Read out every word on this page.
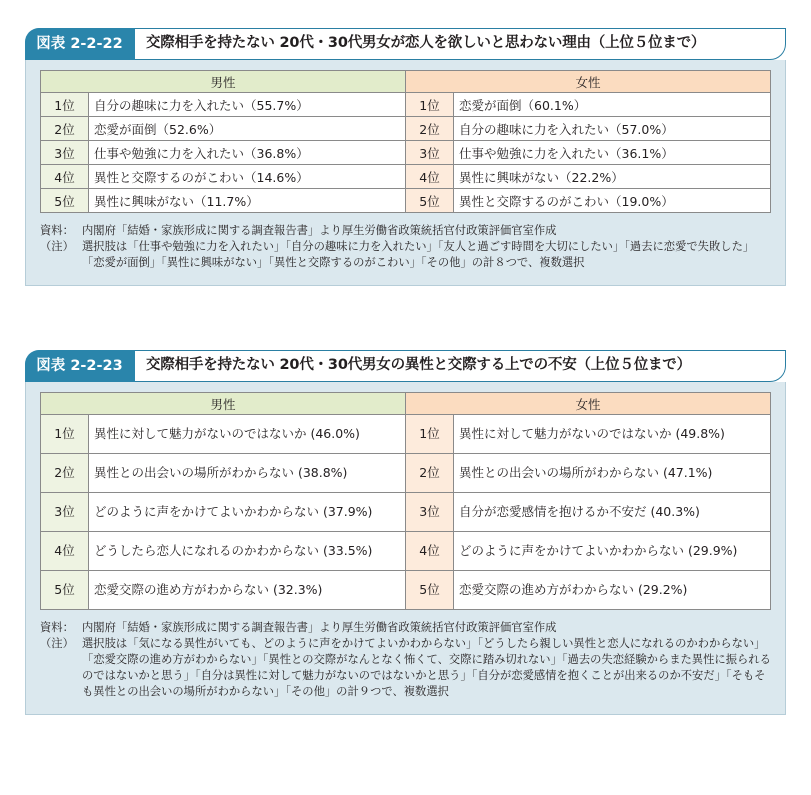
図表 2-2-22	交際相手を持たない 20代・30代男女が恋人を欲しいと思わない理由（上位５位まで）
男性		女性	
1位	自分の趣味に力を入れたい（55.7%）	1位	恋愛が面倒（60.1%）
2位	恋愛が面倒（52.6%）	2位	自分の趣味に力を入れたい（57.0%）
3位	仕事や勉強に力を入れたい（36.8%）	3位	仕事や勉強に力を入れたい（36.1%）
4位	異性と交際するのがこわい（14.6%）	4位	異性に興味がない（22.2%）
5位	異性に興味がない（11.7%）	5位	異性と交際するのがこわい（19.0%）
資料： 内閣府「結婚・家族形成に関する調査報告書」より厚生労働省政策統括官付政策評価官室作成
（注） 選択肢は「仕事や勉強に力を入れたい」「自分の趣味に力を入れたい」「友人と過ごす時間を大切にしたい」「過去に恋愛で失敗した」「恋愛が面倒」「異性に興味がない」「異性と交際するのがこわい」「その他」の計８つで、複数選択
図表 2-2-23	交際相手を持たない 20代・30代男女の異性と交際する上での不安（上位５位まで）
男性		女性	
1位	異性に対して魅力がないのではないか (46.0%)	1位	異性に対して魅力がないのではないか (49.8%)
2位	異性との出会いの場所がわからない (38.8%)	2位	異性との出会いの場所がわからない (47.1%)
3位	どのように声をかけてよいかわからない (37.9%)	3位	自分が恋愛感情を抱けるか不安だ (40.3%)
4位	どうしたら恋人になれるのかわからない (33.5%)	4位	どのように声をかけてよいかわからない (29.9%)
5位	恋愛交際の進め方がわからない (32.3%)	5位	恋愛交際の進め方がわからない (29.2%)
資料： 内閣府「結婚・家族形成に関する調査報告書」より厚生労働省政策統括官付政策評価官室作成
（注） 選択肢は「気になる異性がいても、どのように声をかけてよいかわからない」「どうしたら親しい異性と恋人になれるのかわからない」「恋愛交際の進め方がわからない」「異性との交際がなんとなく怖くて、交際に踏み切れない」「過去の失恋経験からまた異性に振られるのではないかと思う」「自分は異性に対して魅力がないのではないかと思う」「自分が恋愛感情を抱くことが出来るのか不安だ」「そもそも異性との出会いの場所がわからない」「その他」の計９つで、複数選択
